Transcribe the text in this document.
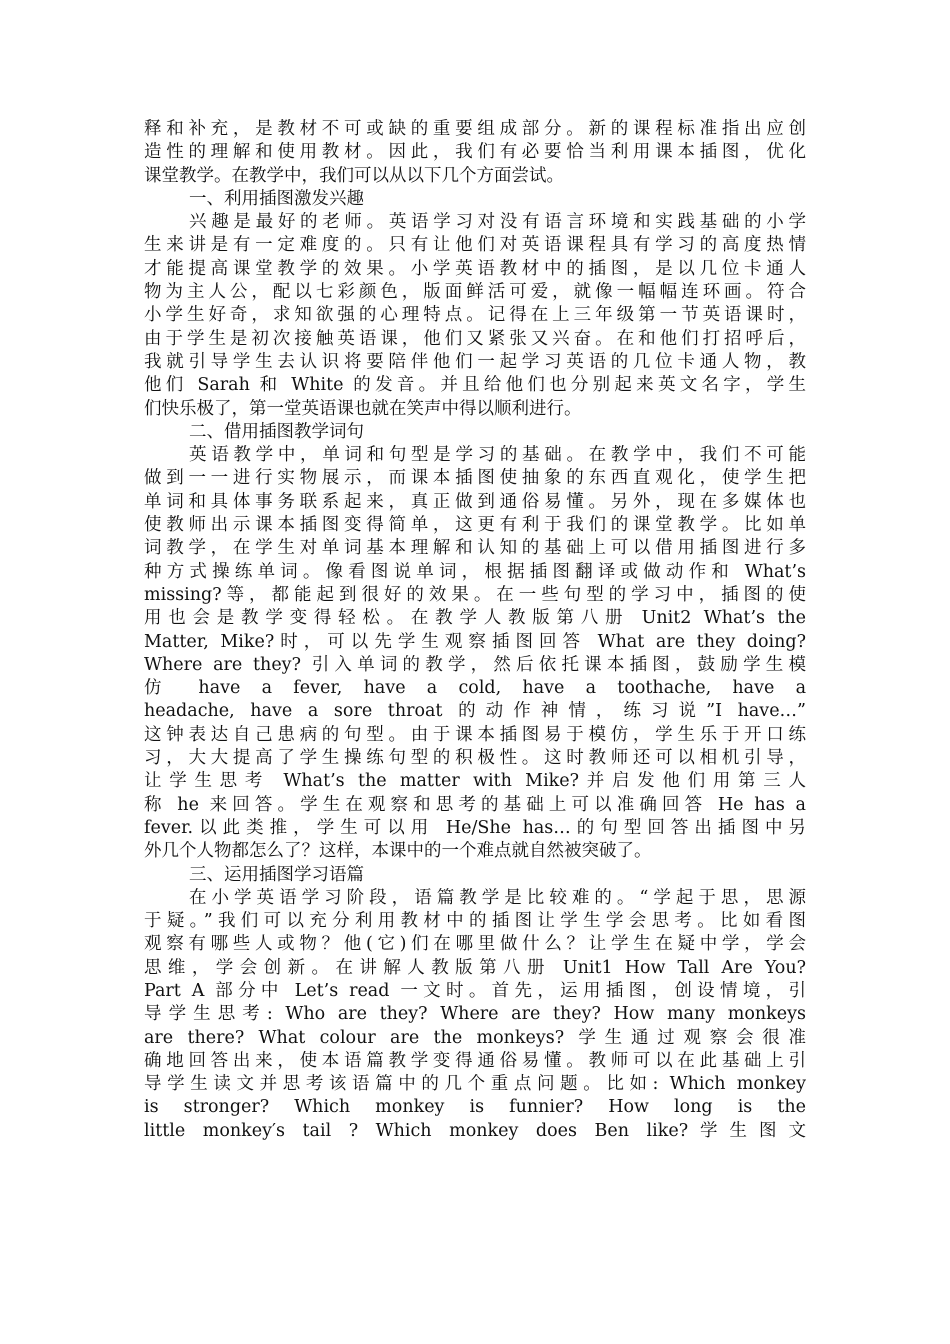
释和补充，是教材不可或缺的重要组成部分。新的课程标准指出应创
造性的理解和使用教材。因此，我们有必要恰当利用课本插图，优化
课堂教学。在教学中，我们可以从以下几个方面尝试。
一、利用插图激发兴趣
兴趣是最好的老师。英语学习对没有语言环境和实践基础的小学
生来讲是有一定难度的。只有让他们对英语课程具有学习的高度热情
才能提高课堂教学的效果。小学英语教材中的插图，是以几位卡通人
物为主人公，配以七彩颜色，版面鲜活可爱，就像一幅幅连环画。符合
小学生好奇，求知欲强的心理特点。记得在上三年级第一节英语课时，
由于学生是初次接触英语课，他们又紧张又兴奋。在和他们打招呼后，
我就引导学生去认识将要陪伴他们一起学习英语的几位卡通人物，教
他们 Sarah 和 White 的发音。并且给他们也分别起来英文名字，学生
们快乐极了，第一堂英语课也就在笑声中得以顺利进行。
二、借用插图教学词句
英语教学中，单词和句型是学习的基础。在教学中，我们不可能
做到一一进行实物展示，而课本插图使抽象的东西直观化，使学生把
单词和具体事务联系起来，真正做到通俗易懂。另外，现在多媒体也
使教师出示课本插图变得简单，这更有利于我们的课堂教学。比如单
词教学，在学生对单词基本理解和认知的基础上可以借用插图进行多
种方式操练单词。像看图说单词，根据插图翻译或做动作和 What’s
missing?等，都能起到很好的效果。在一些句型的学习中，插图的使
用也会是教学变得轻松。在教学人教版第八册 Unit2 What’s the
Matter, Mike?时，可以先学生观察插图回答 What are they doing?
Where are they? 引入单词的教学，然后依托课本插图，鼓励学生模
仿 have a fever, have a cold, have a toothache, have a
headache, have a sore throat 的动作神情，练习说”I have…”
这钟表达自己患病的句型。由于课本插图易于模仿，学生乐于开口练
习，大大提高了学生操练句型的积极性。这时教师还可以相机引导，
让学生思考 What’s the matter with Mike?并启发他们用第三人
称 he 来回答。学生在观察和思考的基础上可以准确回答 He has a
fever.以此类推，学生可以用 He/She has…的句型回答出插图中另
外几个人物都怎么了？这样，本课中的一个难点就自然被突破了。
三、运用插图学习语篇
在小学英语学习阶段，语篇教学是比较难的。“学起于思，思源
于疑。”我们可以充分利用教材中的插图让学生学会思考。比如看图
观察有哪些人或物？他(它)们在哪里做什么？让学生在疑中学，学会
思维，学会创新。在讲解人教版第八册 Unit1 How Tall Are You?
Part A 部分中 Let’s read 一文时。首先，运用插图，创设情境，引
导学生思考: Who are they? Where are they? How many monkeys
are there? What colour are the monkeys? 学生通过观察会很准
确地回答出来，使本语篇教学变得通俗易懂。教师可以在此基础上引
导学生读文并思考该语篇中的几个重点问题。比如: Which monkey
is stronger? Which monkey is funnier? How long is the
little monkey′s tail ? Which monkey does Ben like?学生图文
